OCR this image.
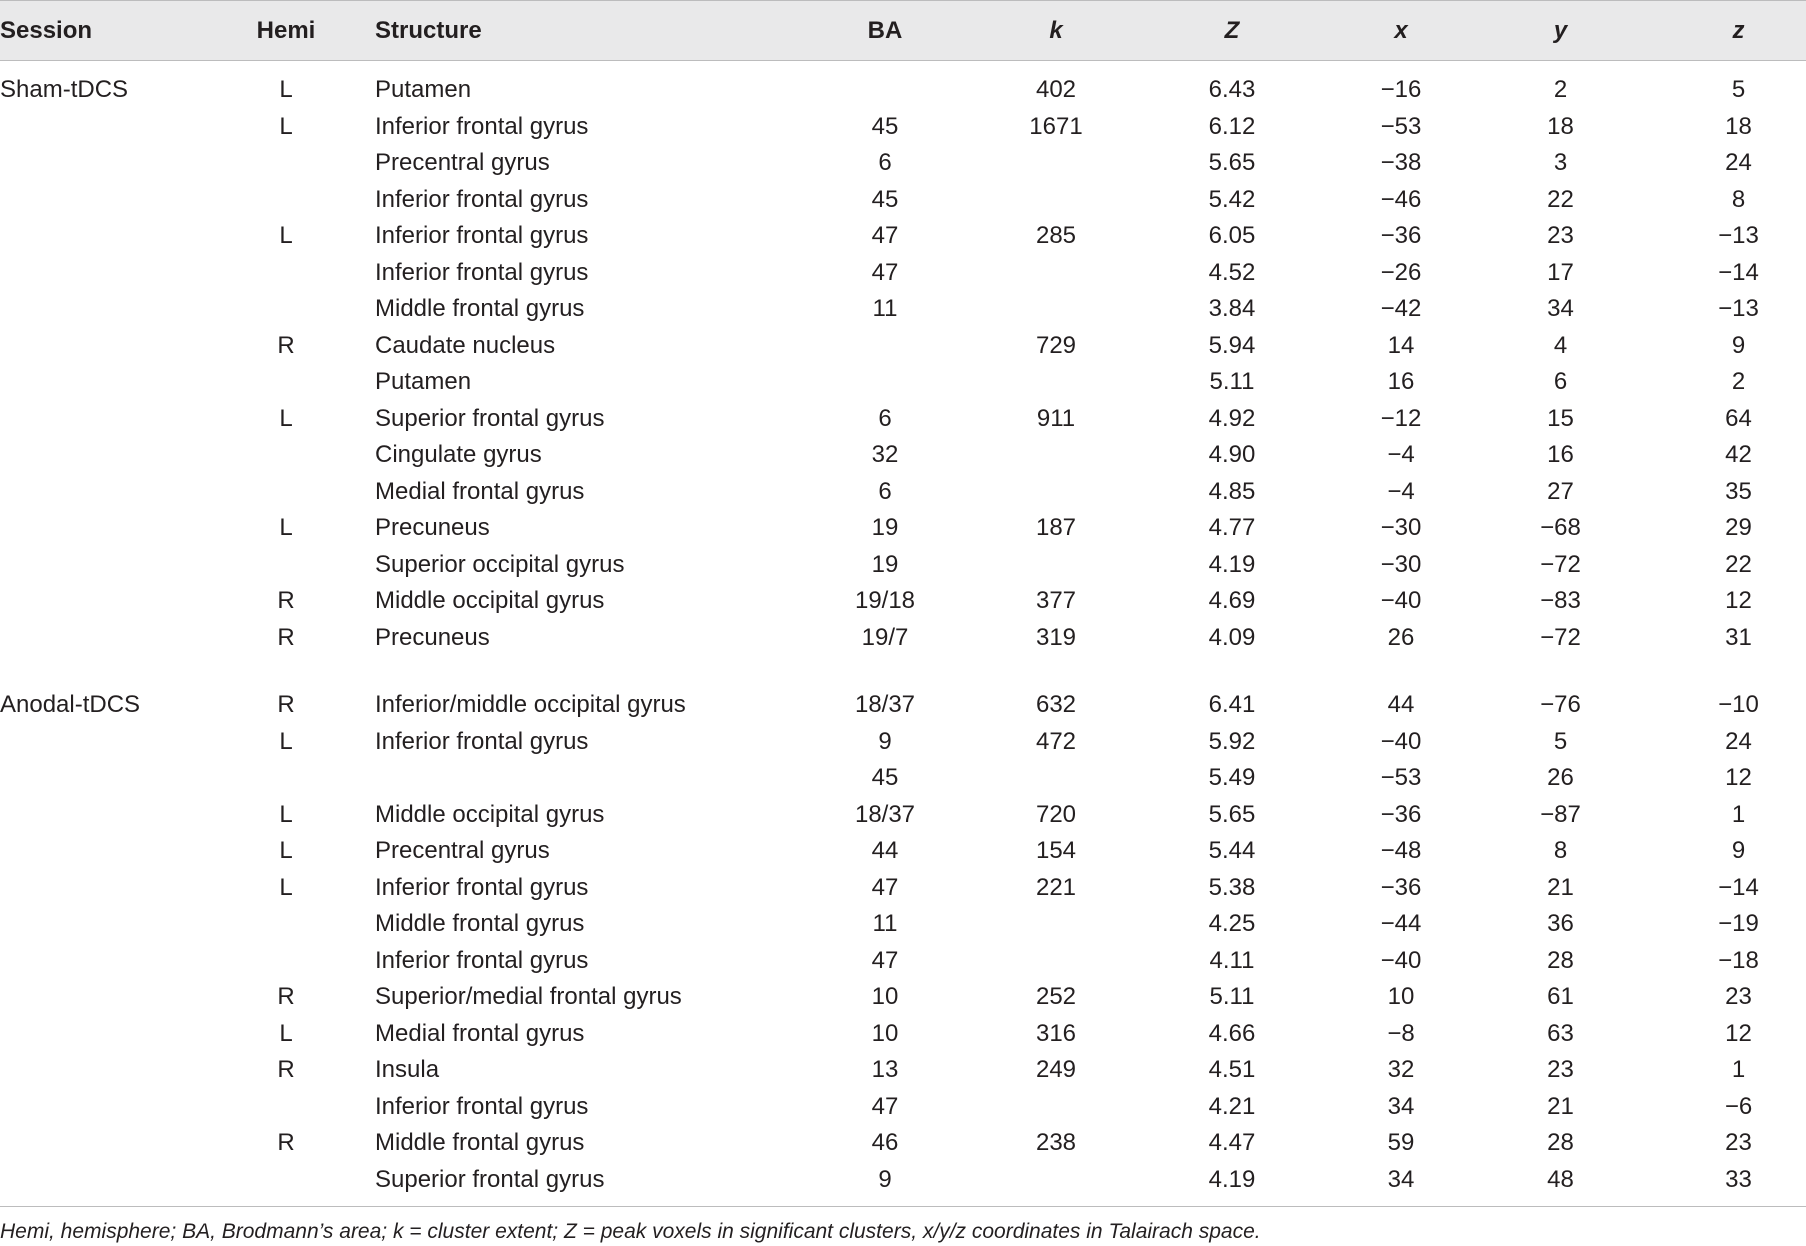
Session	Hemi	Structure	BA	k	Z	x	y	z
Sham-tDCS	L	Putamen		402	6.43	−16	2	5
	L	Inferior frontal gyrus	45	1671	6.12	−53	18	18
		Precentral gyrus	6		5.65	−38	3	24
		Inferior frontal gyrus	45		5.42	−46	22	8
	L	Inferior frontal gyrus	47	285	6.05	−36	23	−13
		Inferior frontal gyrus	47		4.52	−26	17	−14
		Middle frontal gyrus	11		3.84	−42	34	−13
	R	Caudate nucleus		729	5.94	14	4	9
		Putamen			5.11	16	6	2
	L	Superior frontal gyrus	6	911	4.92	−12	15	64
		Cingulate gyrus	32		4.90	−4	16	42
		Medial frontal gyrus	6		4.85	−4	27	35
	L	Precuneus	19	187	4.77	−30	−68	29
		Superior occipital gyrus	19		4.19	−30	−72	22
	R	Middle occipital gyrus	19/18	377	4.69	−40	−83	12
	R	Precuneus	19/7	319	4.09	26	−72	31
Anodal-tDCS	R	Inferior/middle occipital gyrus	18/37	632	6.41	44	−76	−10
	L	Inferior frontal gyrus	9	472	5.92	−40	5	24
			45		5.49	−53	26	12
	L	Middle occipital gyrus	18/37	720	5.65	−36	−87	1
	L	Precentral gyrus	44	154	5.44	−48	8	9
	L	Inferior frontal gyrus	47	221	5.38	−36	21	−14
		Middle frontal gyrus	11		4.25	−44	36	−19
		Inferior frontal gyrus	47		4.11	−40	28	−18
	R	Superior/medial frontal gyrus	10	252	5.11	10	61	23
	L	Medial frontal gyrus	10	316	4.66	−8	63	12
	R	Insula	13	249	4.51	32	23	1
		Inferior frontal gyrus	47		4.21	34	21	−6
	R	Middle frontal gyrus	46	238	4.47	59	28	23
		Superior frontal gyrus	9		4.19	34	48	33
Hemi, hemisphere; BA, Brodmann’s area; k = cluster extent; Z = peak voxels in significant clusters, x/y/z coordinates in Talairach space.
